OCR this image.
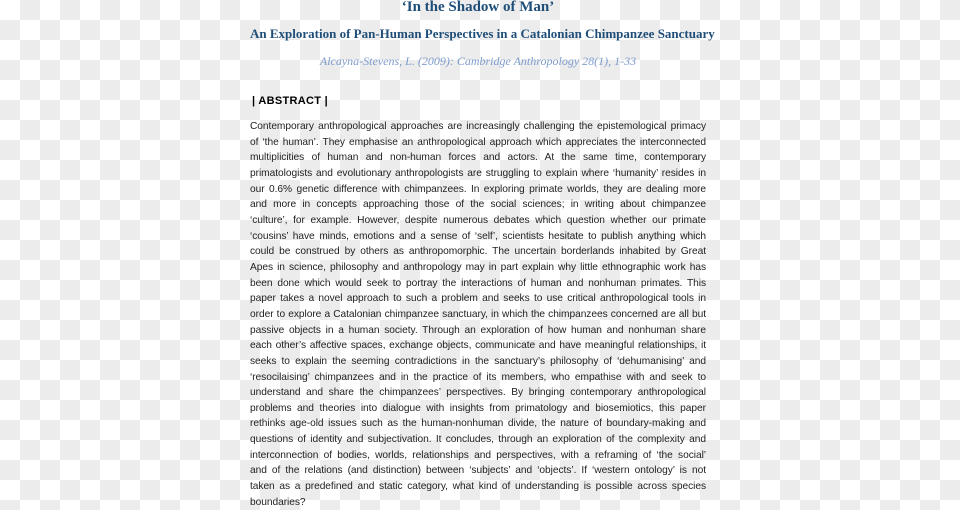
‘In the Shadow of Man’
An Exploration of Pan-Human Perspectives in a Catalonian Chimpanzee Sanctuary
Alcayna-Stevens, L. (2009): Cambridge Anthropology 28(1), 1-33
| ABSTRACT |
Contemporary anthropological approaches are increasingly challenging the epistemological primacy
of ‘the human’. They emphasise an anthropological approach which appreciates the interconnected
multiplicities of human and non-human forces and actors. At the same time, contemporary
primatologists and evolutionary anthropologists are struggling to explain where ‘humanity’ resides in
our 0.6% genetic difference with chimpanzees. In exploring primate worlds, they are dealing more
and more in concepts approaching those of the social sciences; in writing about chimpanzee
‘culture’, for example. However, despite numerous debates which question whether our primate
‘cousins’ have minds, emotions and a sense of ‘self’, scientists hesitate to publish anything which
could be construed by others as anthropomorphic. The uncertain borderlands inhabited by Great
Apes in science, philosophy and anthropology may in part explain why little ethnographic work has
been done which would seek to portray the interactions of human and nonhuman primates. This
paper takes a novel approach to such a problem and seeks to use critical anthropological tools in
order to explore a Catalonian chimpanzee sanctuary, in which the chimpanzees concerned are all but
passive objects in a human society. Through an exploration of how human and nonhuman share
each other’s affective spaces, exchange objects, communicate and have meaningful relationships, it
seeks to explain the seeming contradictions in the sanctuary’s philosophy of ‘dehumanising’ and
‘resocilaising’ chimpanzees and in the practice of its members, who empathise with and seek to
understand and share the chimpanzees’ perspectives. By bringing contemporary anthropological
problems and theories into dialogue with insights from primatology and biosemiotics, this paper
rethinks age-old issues such as the human-nonhuman divide, the nature of boundary-making and
questions of identity and subjectivation. It concludes, through an exploration of the complexity and
interconnection of bodies, worlds, relationships and perspectives, with a reframing of ‘the social’
and of the relations (and distinction) between ‘subjects’ and ‘objects’. If ‘western ontology’ is not
taken as a predefined and static category, what kind of understanding is possible across species
boundaries?
